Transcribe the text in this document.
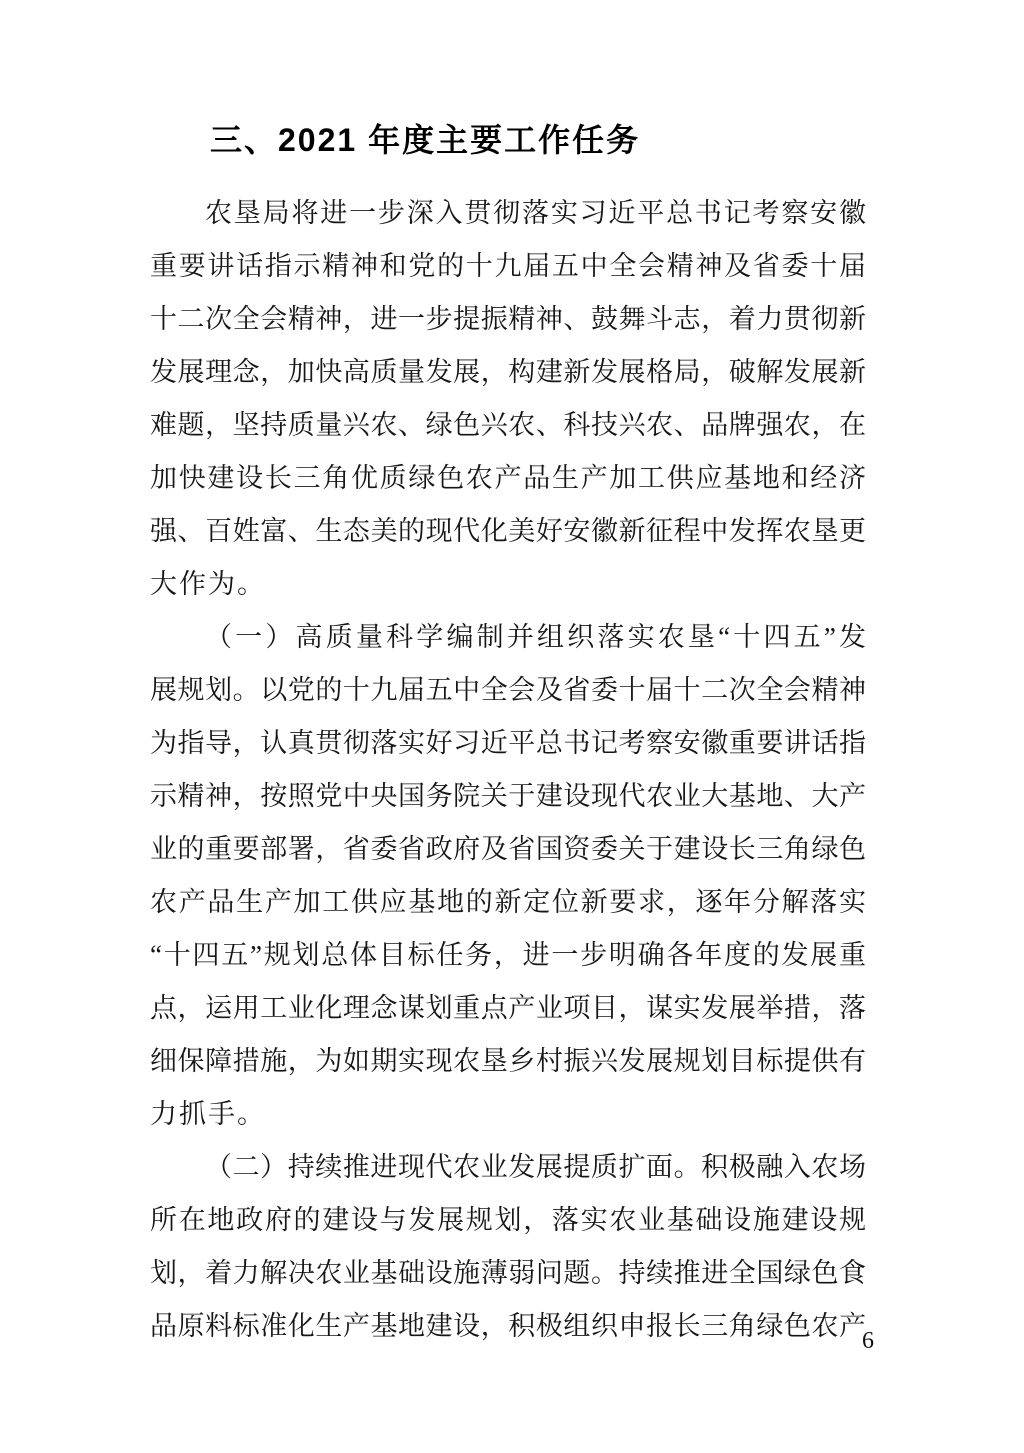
三、2021 年度主要工作任务
农垦局将进一步深入贯彻落实习近平总书记考察安徽
重要讲话指示精神和党的十九届五中全会精神及省委十届
十二次全会精神，进一步提振精神、鼓舞斗志，着力贯彻新
发展理念，加快高质量发展，构建新发展格局，破解发展新
难题，坚持质量兴农、绿色兴农、科技兴农、品牌强农，在
加快建设长三角优质绿色农产品生产加工供应基地和经济
强、百姓富、生态美的现代化美好安徽新征程中发挥农垦更
大作为。
（一）高质量科学编制并组织落实农垦“十四五”发
展规划。以党的十九届五中全会及省委十届十二次全会精神
为指导，认真贯彻落实好习近平总书记考察安徽重要讲话指
示精神，按照党中央国务院关于建设现代农业大基地、大产
业的重要部署，省委省政府及省国资委关于建设长三角绿色
农产品生产加工供应基地的新定位新要求，逐年分解落实
“十四五”规划总体目标任务，进一步明确各年度的发展重
点，运用工业化理念谋划重点产业项目，谋实发展举措，落
细保障措施，为如期实现农垦乡村振兴发展规划目标提供有
力抓手。
（二）持续推进现代农业发展提质扩面。积极融入农场
所在地政府的建设与发展规划，落实农业基础设施建设规
划，着力解决农业基础设施薄弱问题。持续推进全国绿色食
品原料标准化生产基地建设，积极组织申报长三角绿色农产
6
